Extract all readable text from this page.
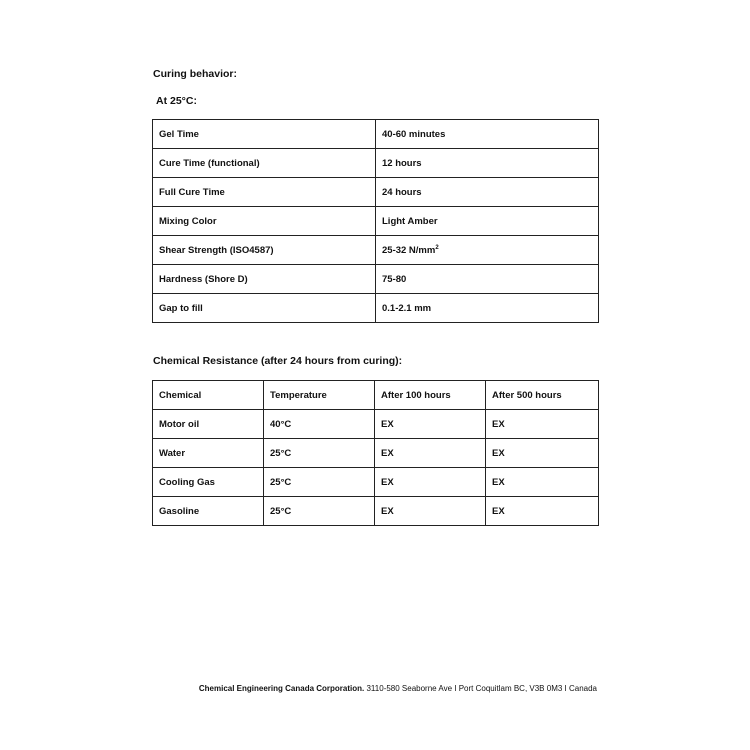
Curing behavior:
At 25°C:
Gel Time	40-60 minutes
Cure Time (functional)	12 hours
Full Cure Time	24 hours
Mixing Color	Light Amber
Shear Strength (ISO4587)	25-32 $N/mm^2$
Hardness (Shore D)	75-80
Gap to fill	0.1-2.1 mm
Chemical Resistance (after 24 hours from curing):
Chemical	Temperature	After 100 hours	After 500 hours
Motor oil	40°C	EX	EX
Water	25°C	EX	EX
Cooling Gas	25°C	EX	EX
Gasoline	25°C	EX	EX
Chemical Engineering Canada Corporation. 3110-580 Seaborne Ave I Port Coquitlam BC, V3B 0M3 I Canada
